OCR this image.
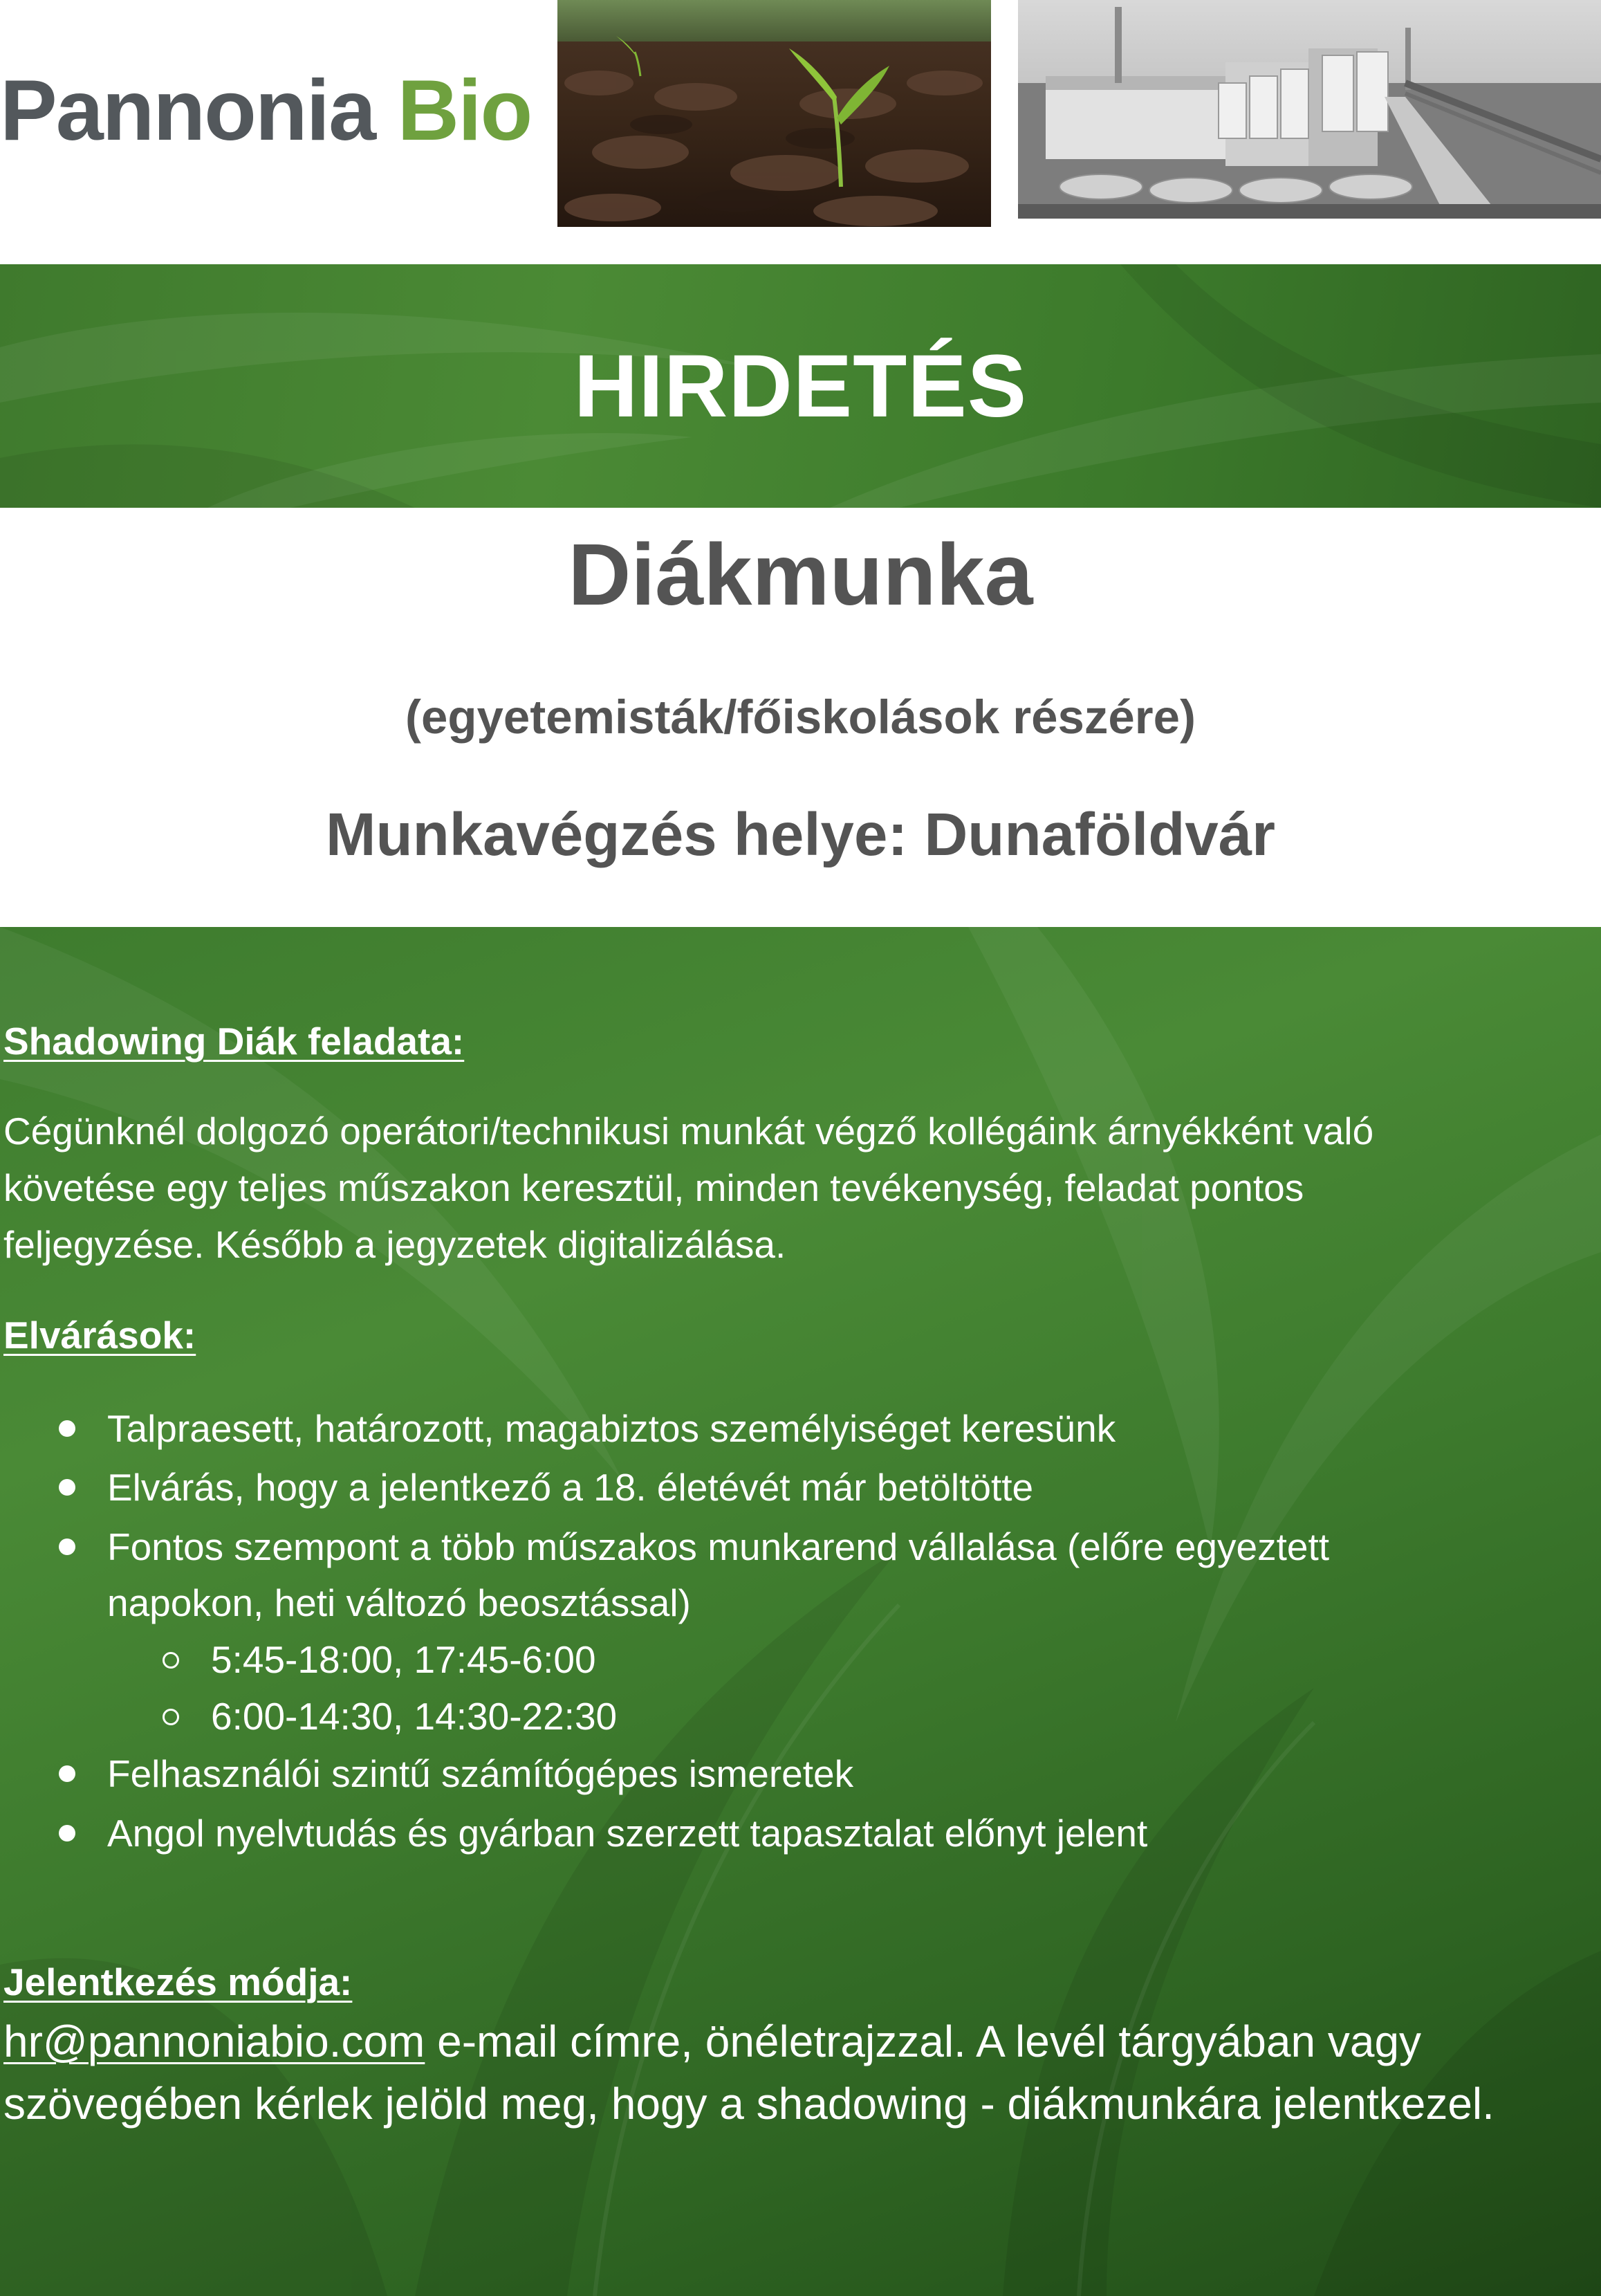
Pannonia Bio
HIRDETÉS
Diákmunka
(egyetemisták/főiskolások részére)
Munkavégzés helye: Dunaföldvár
Shadowing Diák feladata:
Cégünknél dolgozó operátori/technikusi munkát végző kollégáink árnyékként való
követése egy teljes műszakon keresztül, minden tevékenység, feladat pontos
feljegyzése. Később a jegyzetek digitalizálása.
Elvárások:
Talpraesett, határozott, magabiztos személyiséget keresünk
Elvárás, hogy a jelentkező a 18. életévét már betöltötte
Fontos szempont a több műszakos munkarend vállalása (előre egyeztett
napokon, heti változó beosztással)
5:45-18:00, 17:45-6:00
6:00-14:30, 14:30-22:30
Felhasználói szintű számítógépes ismeretek
Angol nyelvtudás és gyárban szerzett tapasztalat előnyt jelent
Jelentkezés módja:
hr@pannoniabio.com e-mail címre, önéletrajzzal. A levél tárgyában vagy
szövegében kérlek jelöld meg, hogy a shadowing - diákmunkára jelentkezel.
